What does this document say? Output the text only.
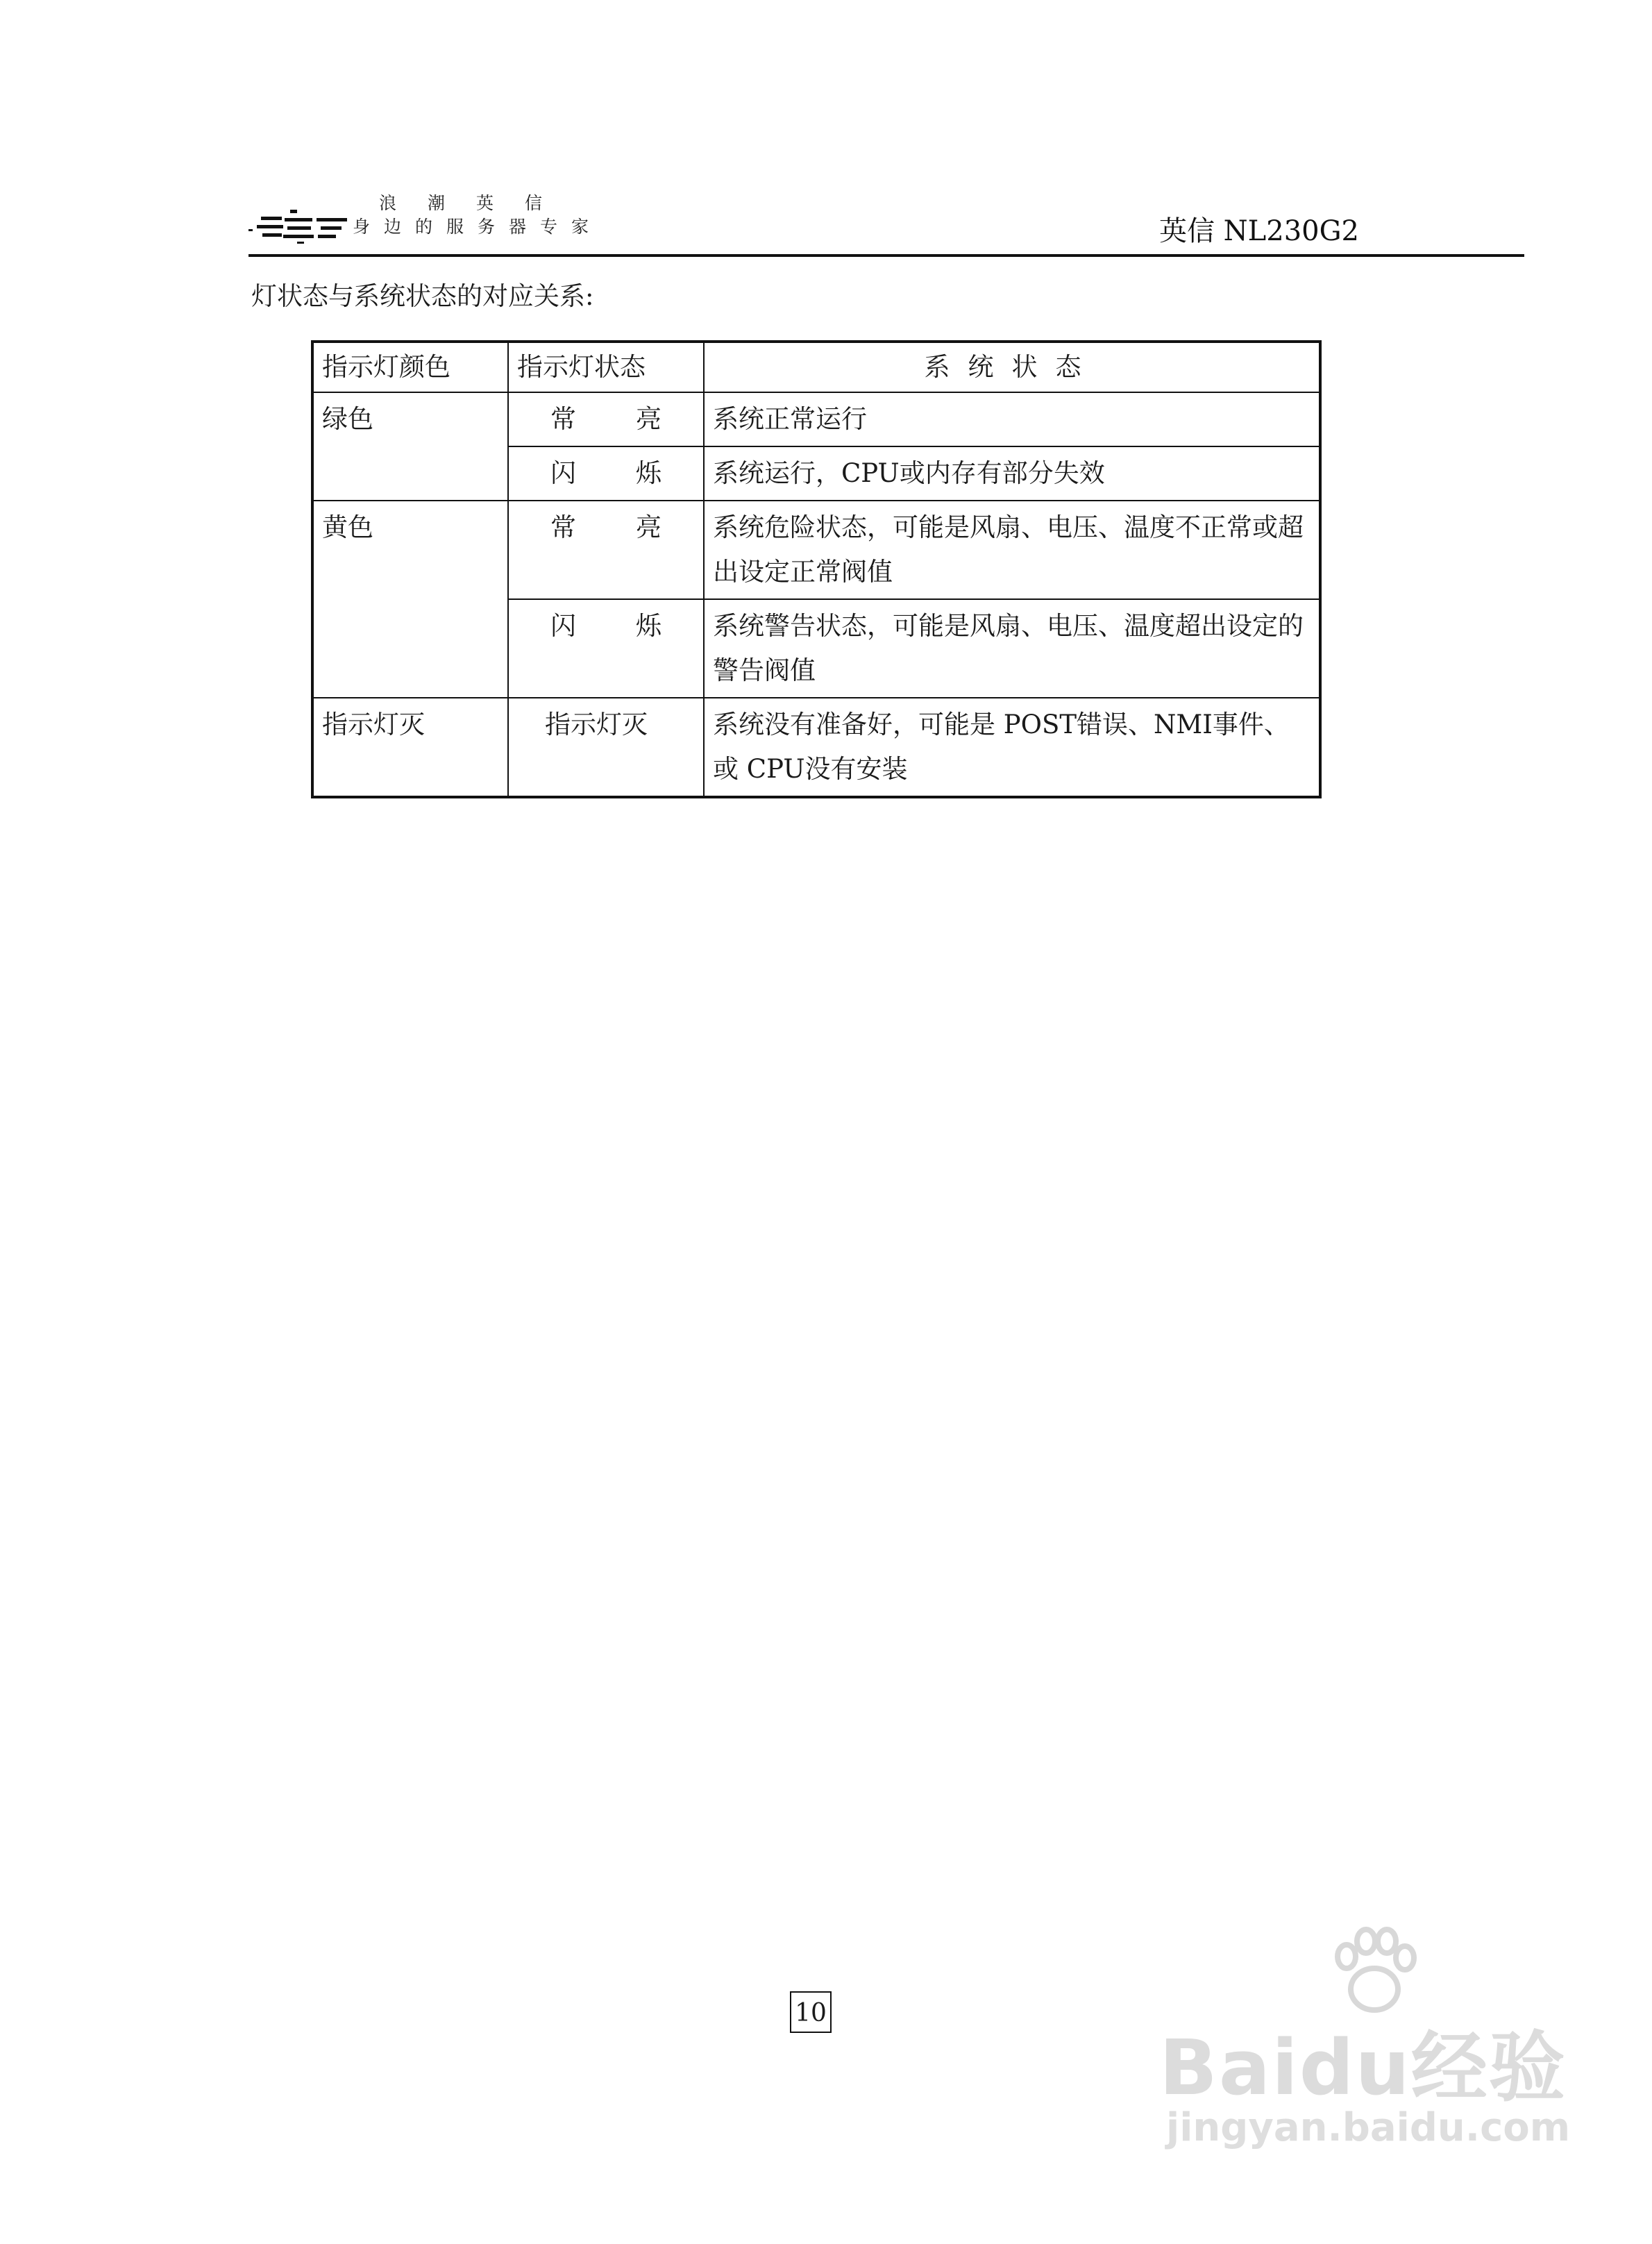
浪潮英信
身边的服务器专家	英信 NL230G2
灯状态与系统状态的对应关系:
指示灯颜色	指示灯状态	系统状态
绿色	常亮	系统正常运行
	闪烁	系统运行，CPU或内存有部分失效
黄色	常亮	系统危险状态，可能是风扇、电压、温度不正常或超出设定正常阀值
	闪烁	系统警告状态，可能是风扇、电压、温度超出设定的警告阀值
指示灯灭	指示灯灭	系统没有准备好，可能是 POST错误、NMI事件、或 CPU没有安装
10
Baidu经验
jingyan.baidu.com
